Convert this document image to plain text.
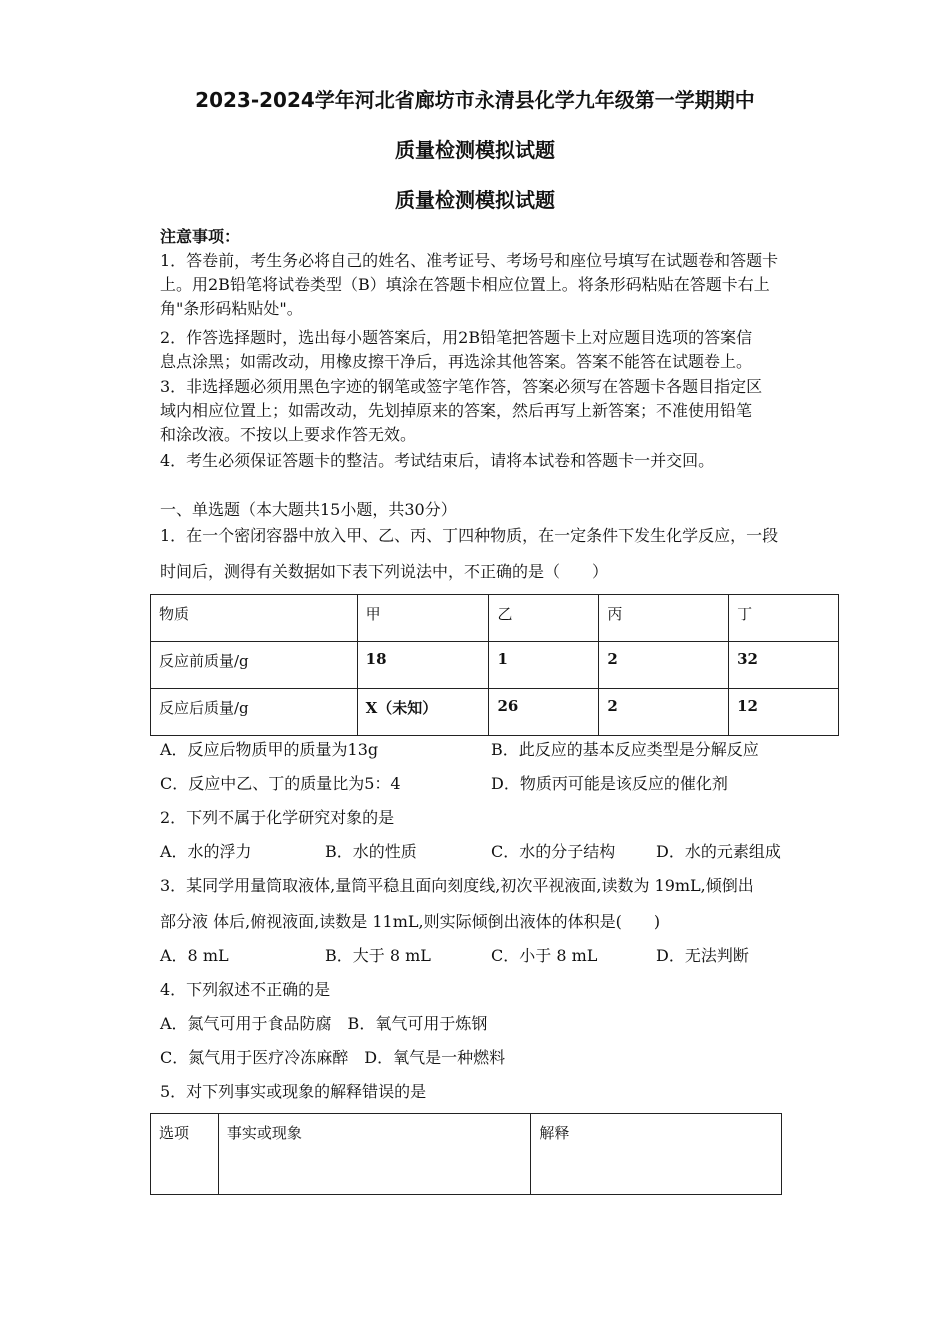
2023-2024学年河北省廊坊市永清县化学九年级第一学期期中
质量检测模拟试题
质量检测模拟试题
注意事项：
1．答卷前，考生务必将自己的姓名、准考证号、考场号和座位号填写在试题卷和答题卡
上。用2B铅笔将试卷类型（B）填涂在答题卡相应位置上。将条形码粘贴在答题卡右上
角"条形码粘贴处"。
2．作答选择题时，选出每小题答案后，用2B铅笔把答题卡上对应题目选项的答案信
息点涂黑；如需改动，用橡皮擦干净后，再选涂其他答案。答案不能答在试题卷上。
3．非选择题必须用黑色字迹的钢笔或签字笔作答，答案必须写在答题卡各题目指定区
域内相应位置上；如需改动，先划掉原来的答案，然后再写上新答案；不准使用铅笔
和涂改液。不按以上要求作答无效。
4．考生必须保证答题卡的整洁。考试结束后，请将本试卷和答题卡一并交回。
一、单选题（本大题共15小题，共30分）
1．在一个密闭容器中放入甲、乙、丙、丁四种物质，在一定条件下发生化学反应，一段
时间后，测得有关数据如下表下列说法中，不正确的是（　　）
物质	甲	乙	丙	丁
反应前质量/g	18	1	2	32
反应后质量/g	X（未知）	26	2	12
A．反应后物质甲的质量为13g	B．此反应的基本反应类型是分解反应
C．反应中乙、丁的质量比为5：4	D．物质丙可能是该反应的催化剂
2．下列不属于化学研究对象的是
A．水的浮力	B．水的性质	C．水的分子结构	D．水的元素组成
3．某同学用量筒取液体,量筒平稳且面向刻度线,初次平视液面,读数为 19mL,倾倒出
部分液 体后,俯视液面,读数是 11mL,则实际倾倒出液体的体积是(　　)
A．8 mL	B．大于 8 mL	C．小于 8 mL	D．无法判断
4．下列叙述不正确的是
A．氮气可用于食品防腐　B．氧气可用于炼钢
C．氮气用于医疗冷冻麻醉　D．氧气是一种燃料
5．对下列事实或现象的解释错误的是
选项	事实或现象	解释
